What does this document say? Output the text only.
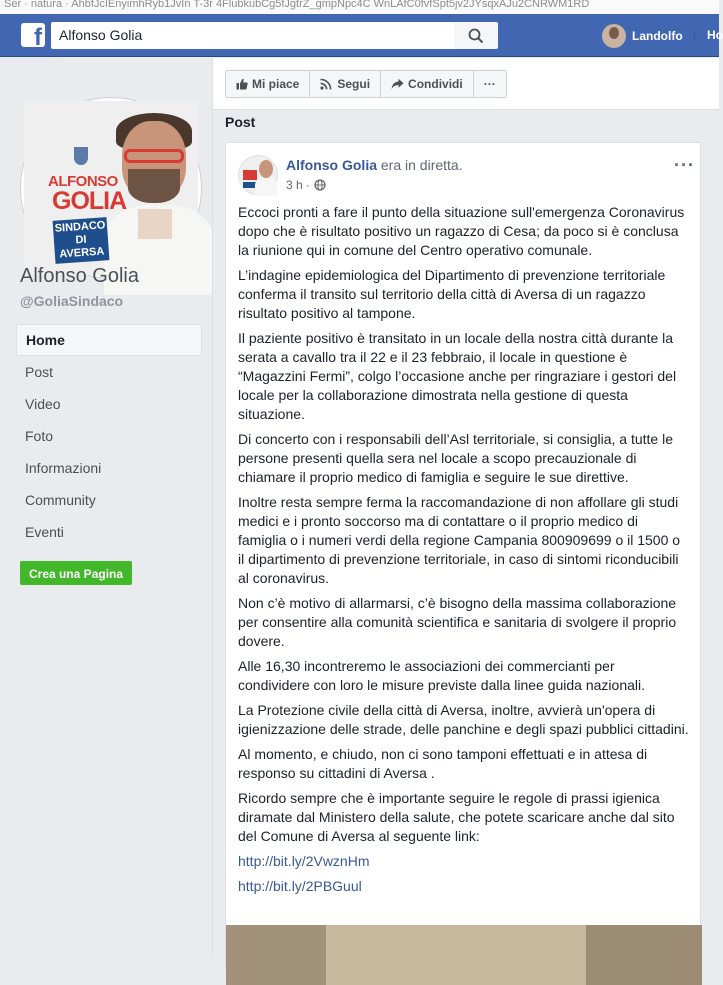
Ser · natura · AhbfJcIEnyimhRyb1JvIn T-3r 4FlubkubCg5fJgtrZ_gmpNpc4C WnLAfC0fvfSpt5jv2JYsqxAJu2CNRWM1RD
f	Alfonso Golia	Landolfo Ho
ALFONSO
GOLIA
SINDACO DI AVERSA
Alfonso Golia
@GoliaSindaco
Home
Post
Video
Foto
Informazioni
Community
Eventi
Crea una Pagina
Mi piace	Segui	Condividi ···
Post
Alfonso Golia era in diretta.
3 h ·
···

Eccoci pronti a fare il punto della situazione sull'emergenza Coronavirus dopo che è risultato positivo un ragazzo di Cesa; da poco si è conclusa la riunione qui in comune del Centro operativo comunale.

L’indagine epidemiologica del Dipartimento di prevenzione territoriale conferma il transito sul territorio della città di Aversa di un ragazzo risultato positivo al tampone.

Il paziente positivo è transitato in un locale della nostra città durante la serata a cavallo tra il 22 e il 23 febbraio, il locale in questione è “Magazzini Fermi”, colgo l’occasione anche per ringraziare i gestori del locale per la collaborazione dimostrata nella gestione di questa situazione.

Di concerto con i responsabili dell’Asl territoriale, si consiglia, a tutte le persone presenti quella sera nel locale a scopo precauzionale di chiamare il proprio medico di famiglia e seguire le sue direttive.

Inoltre resta sempre ferma la raccomandazione di non affollare gli studi medici e i pronto soccorso ma di contattare o il proprio medico di famiglia o i numeri verdi della regione Campania 800909699 o il 1500 o il dipartimento di prevenzione territoriale, in caso di sintomi riconducibili al coronavirus.

Non c’è motivo di allarmarsi, c’è bisogno della massima collaborazione per consentire alla comunità scientifica e sanitaria di svolgere il proprio dovere.

Alle 16,30 incontreremo le associazioni dei commercianti per condividere con loro le misure previste dalla linee guida nazionali.

La Protezione civile della città di Aversa, inoltre, avvierà un'opera di igienizzazione delle strade, delle panchine e degli spazi pubblici cittadini.

Al momento, e chiudo, non ci sono tamponi effettuati e in attesa di responso su cittadini di Aversa .

Ricordo sempre che è importante seguire le regole di prassi igienica diramate dal Ministero della salute, che potete scaricare anche dal sito del Comune di Aversa al seguente link:

http://bit.ly/2VwznHm
http://bit.ly/2PBGuul
